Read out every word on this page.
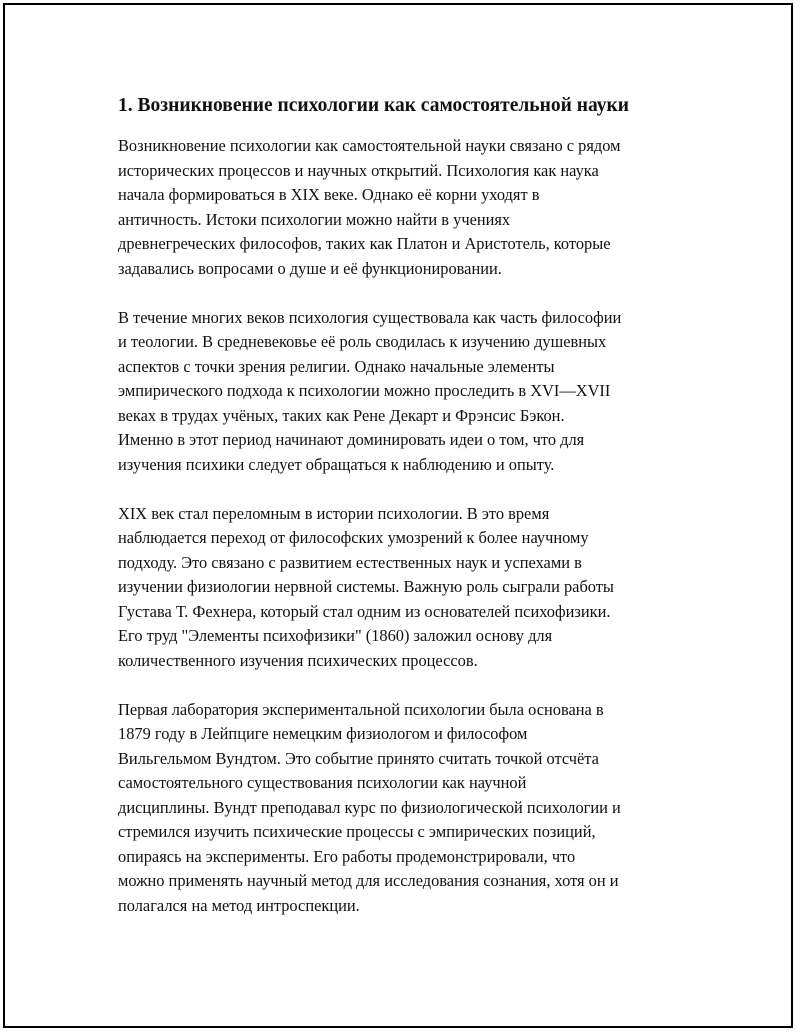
1. Возникновение психологии как самостоятельной науки

Возникновение психологии как самостоятельной науки связано с рядом
исторических процессов и научных открытий. Психология как наука
начала формироваться в XIX веке. Однако её корни уходят в
античность. Истоки психологии можно найти в учениях
древнегреческих философов, таких как Платон и Аристотель, которые
задавались вопросами о душе и её функционировании.

В течение многих веков психология существовала как часть философии
и теологии. В средневековье её роль сводилась к изучению душевных
аспектов с точки зрения религии. Однако начальные элементы
эмпирического подхода к психологии можно проследить в XVI—XVII
веках в трудах учёных, таких как Рене Декарт и Фрэнсис Бэкон.
Именно в этот период начинают доминировать идеи о том, что для
изучения психики следует обращаться к наблюдению и опыту.

XIX век стал переломным в истории психологии. В это время
наблюдается переход от философских умозрений к более научному
подходу. Это связано с развитием естественных наук и успехами в
изучении физиологии нервной системы. Важную роль сыграли работы
Густава Т. Фехнера, который стал одним из основателей психофизики.
Его труд "Элементы психофизики" (1860) заложил основу для
количественного изучения психических процессов.

Первая лаборатория экспериментальной психологии была основана в
1879 году в Лейпциге немецким физиологом и философом
Вильгельмом Вундтом. Это событие принято считать точкой отсчёта
самостоятельного существования психологии как научной
дисциплины. Вундт преподавал курс по физиологической психологии и
стремился изучить психические процессы с эмпирических позиций,
опираясь на эксперименты. Его работы продемонстрировали, что
можно применять научный метод для исследования сознания, хотя он и
полагался на метод интроспекции.
